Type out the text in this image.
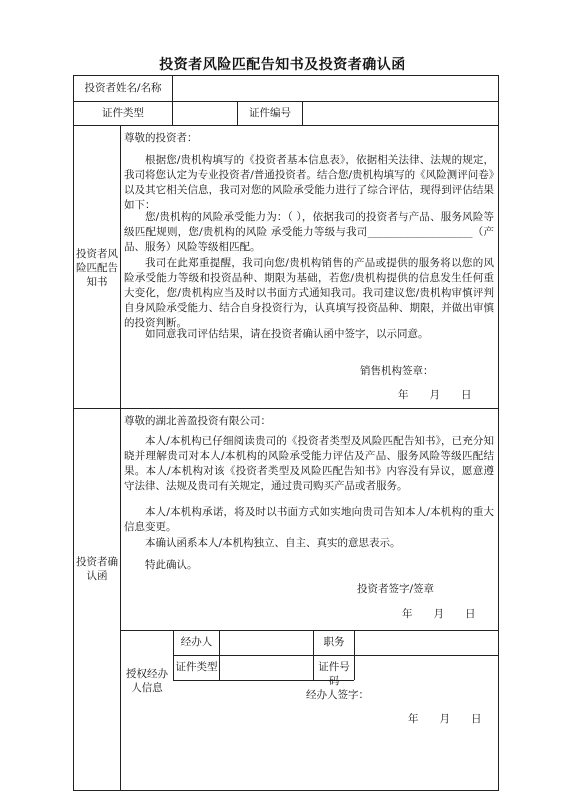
投资者风险匹配告知书及投资者确认函
投资者姓名/名称
证件类型	证件编号
投资者风险匹配告知书
尊敬的投资者：
根据您/贵机构填写的《投资者基本信息表》，依据相关法律、法规的规定，我司将您认定为专业投资者/普通投资者。结合您/贵机构填写的《风险测评问卷》以及其它相关信息，我司对您的风险承受能力进行了综合评估，现得到评估结果如下：
您/贵机构的风险承受能力为：（ ），依据我司的投资者与产品、服务风险等级匹配规则，您/贵机构的风险 承受能力等级与我司____________________（产品、服务）风险等级相匹配。
我司在此郑重提醒，我司向您/贵机构销售的产品或提供的服务将以您的风险承受能力等级和投资品种、期限为基础，若您/贵机构提供的信息发生任何重大变化，您/贵机构应当及时以书面方式通知我司。我司建议您/贵机构审慎评判自身风险承受能力、结合自身投资行为，认真填写投资品种、期限，并做出审慎的投资判断。
如同意我司评估结果，请在投资者确认函中签字，以示同意。
销售机构签章：
年　　月　　日
投资者确认函
尊敬的湖北善盈投资有限公司：
本人/本机构已仔细阅读贵司的《投资者类型及风险匹配告知书》，已充分知晓并理解贵司对本人/本机构的风险承受能力评估及产品、服务风险等级匹配结果。本人/本机构对该《投资者类型及风险匹配告知书》内容没有异议，愿意遵守法律、法规及贵司有关规定，通过贵司购买产品或者服务。
本人/本机构承诺，将及时以书面方式如实地向贵司告知本人/本机构的重大信息变更。
本确认函系本人/本机构独立、自主、真实的意思表示。
特此确认。
投资者签字/签章
年　　月　　日
授权经办人信息
经办人	职务
证件类型	证件号码
经办人签字：
年　　月　　日
